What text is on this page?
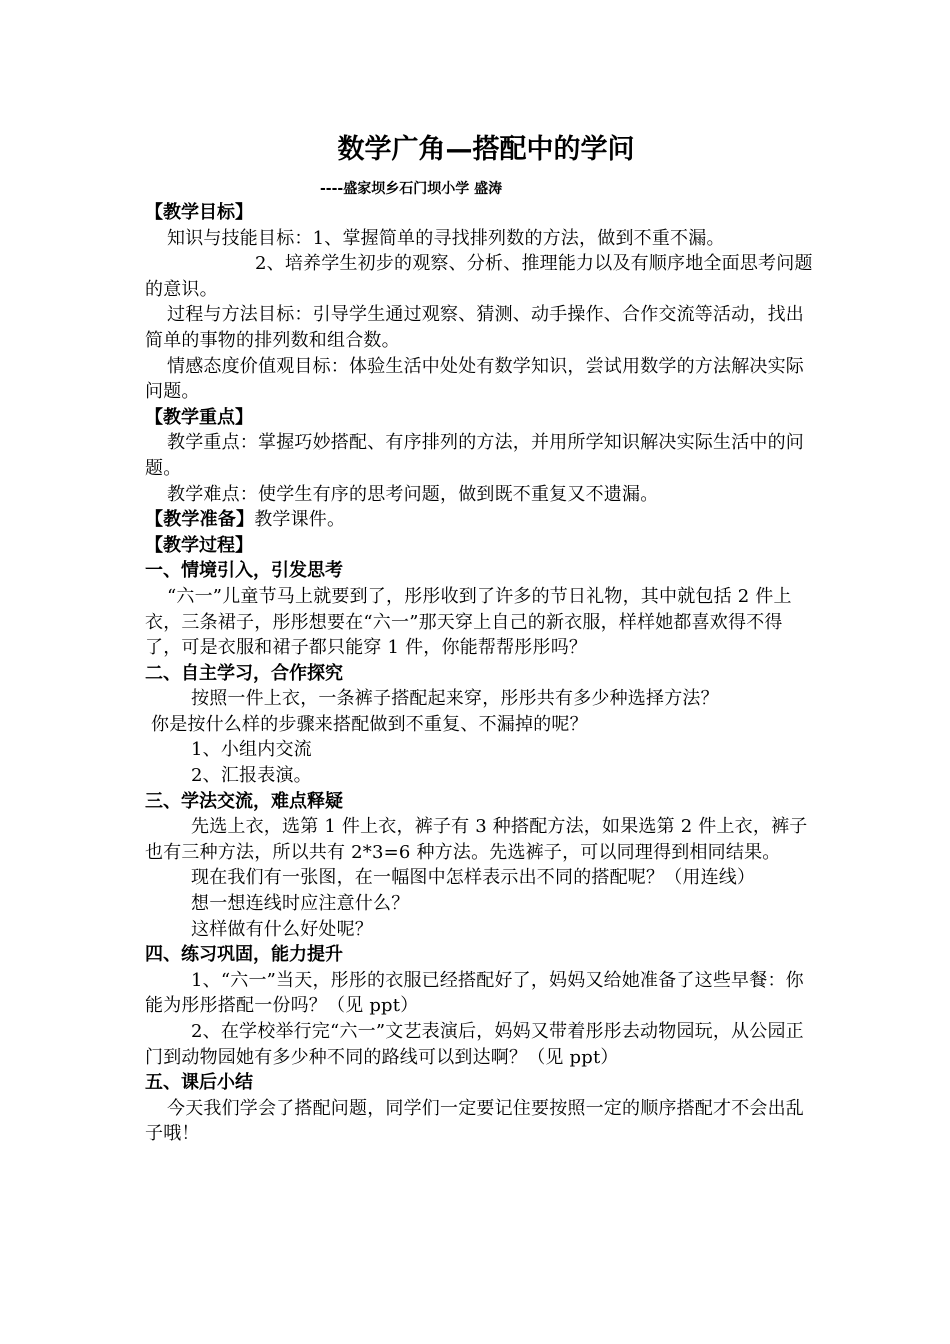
数学广角—搭配中的学问

----盛家坝乡石门坝小学 盛涛

【教学目标】

知识与技能目标：1、掌握简单的寻找排列数的方法，做到不重不漏。

2、培养学生初步的观察、分析、推理能力以及有顺序地全面思考问题的意识。

过程与方法目标：引导学生通过观察、猜测、动手操作、合作交流等活动，找出简单的事物的排列数和组合数。

情感态度价值观目标：体验生活中处处有数学知识，尝试用数学的方法解决实际问题。

【教学重点】

教学重点：掌握巧妙搭配、有序排列的方法，并用所学知识解决实际生活中的问题。

教学难点：使学生有序的思考问题，做到既不重复又不遗漏。

【教学准备】教学课件。

【教学过程】

一、情境引入，引发思考

“六一”儿童节马上就要到了，彤彤收到了许多的节日礼物，其中就包括 2 件上衣，三条裙子，彤彤想要在“六一”那天穿上自己的新衣服，样样她都喜欢得不得了，可是衣服和裙子都只能穿 1 件，你能帮帮彤彤吗？

二、自主学习，合作探究

按照一件上衣，一条裤子搭配起来穿，彤彤共有多少种选择方法？

你是按什么样的步骤来搭配做到不重复、不漏掉的呢？

1、小组内交流

2、汇报表演。

三、学法交流，难点释疑

先选上衣，选第 1 件上衣，裤子有 3 种搭配方法，如果选第 2 件上衣，裤子也有三种方法，所以共有 2*3=6 种方法。先选裤子，可以同理得到相同结果。

现在我们有一张图，在一幅图中怎样表示出不同的搭配呢？（用连线）

想一想连线时应注意什么？

这样做有什么好处呢？

四、练习巩固，能力提升

1、“六一”当天，彤彤的衣服已经搭配好了，妈妈又给她准备了这些早餐：你能为彤彤搭配一份吗？（见 ppt）

2、在学校举行完“六一”文艺表演后，妈妈又带着彤彤去动物园玩，从公园正门到动物园她有多少种不同的路线可以到达啊？（见 ppt）

五、课后小结

今天我们学会了搭配问题，同学们一定要记住要按照一定的顺序搭配才不会出乱子哦！
